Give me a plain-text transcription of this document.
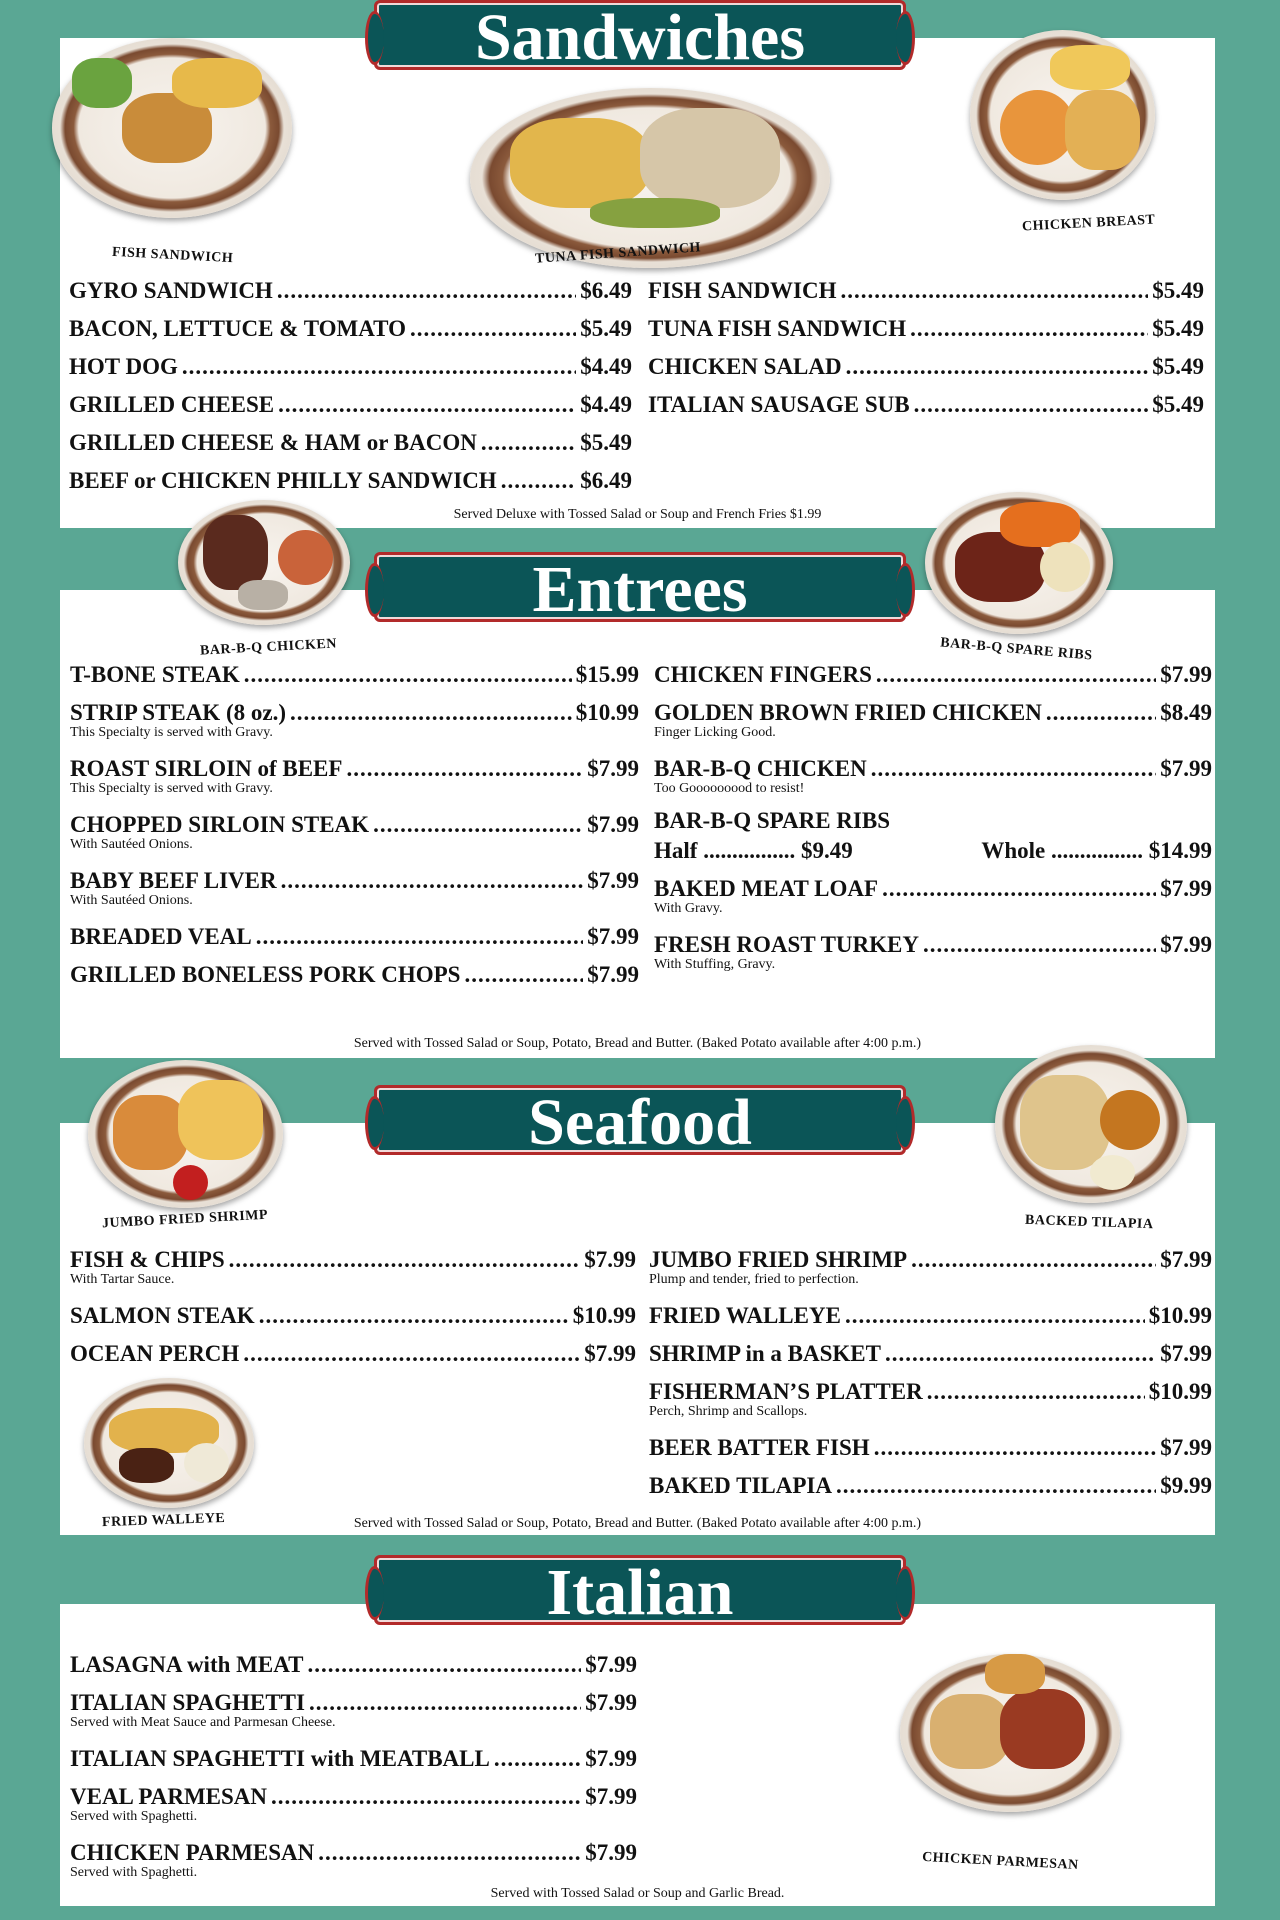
FISH SANDWICH	TUNA FISH SANDWICH
CHICKEN BREAST
GYRO SANDWICH .....	$6.49
BACON, LETTUCE & TOMATO .....	$5.49
HOT DOG .....	$4.49
GRILLED CHEESE .....	$4.49
GRILLED CHEESE & HAM or BACON .....	$5.49
BEEF or CHICKEN PHILLY SANDWICH .....	$6.49
FISH SANDWICH .....	$5.49
TUNA FISH SANDWICH .....	$5.49
CHICKEN SALAD .....	$5.49
ITALIAN SAUSAGE SUB .....	$5.49
Served Deluxe with Tossed Salad or Soup and French Fries $1.99
Sandwiches
T-BONE STEAK .....	$15.99
STRIP STEAK (8 oz.) .....	$10.99
This Specialty is served with Gravy.
ROAST SIRLOIN of BEEF .....	$7.99
This Specialty is served with Gravy.
CHOPPED SIRLOIN STEAK .....	$7.99
With Sautéed Onions.
BABY BEEF LIVER .....	$7.99
With Sautéed Onions.
BREADED VEAL .....	$7.99
GRILLED BONELESS PORK CHOPS .....	$7.99
CHICKEN FINGERS .....	$7.99
GOLDEN BROWN FRIED CHICKEN .....	$8.49
Finger Licking Good.
BAR-B-Q CHICKEN .....	$7.99
Too Gooooooood to resist!
BAR-B-Q SPARE RIBS
Half ................ $9.49	Whole ................ $14.99
BAKED MEAT LOAF .....	$7.99
With Gravy.
FRESH ROAST TURKEY .....	$7.99
With Stuffing, Gravy.
Served with Tossed Salad or Soup, Potato, Bread and Butter. (Baked Potato available after 4:00 p.m.)
BAR-B-Q CHICKEN	BAR-B-Q SPARE RIBS
Entrees
FISH & CHIPS .....	$7.99
With Tartar Sauce.
SALMON STEAK .....	$10.99
OCEAN PERCH .....	$7.99
JUMBO FRIED SHRIMP .....	$7.99
Plump and tender, fried to perfection.
FRIED WALLEYE .....	$10.99
SHRIMP in a BASKET .....	$7.99
FISHERMAN’S PLATTER .....	$10.99
Perch, Shrimp and Scallops.
BEER BATTER FISH .....	$7.99
BAKED TILAPIA .....	$9.99
FRIED WALLEYE	Served with Tossed Salad or Soup, Potato, Bread and Butter. (Baked Potato available after 4:00 p.m.)
JUMBO FRIED SHRIMP	BACKED TILAPIA
Seafood
LASAGNA with MEAT .....	$7.99
ITALIAN SPAGHETTI .....	$7.99
Served with Meat Sauce and Parmesan Cheese.
ITALIAN SPAGHETTI with MEATBALL .....	$7.99
VEAL PARMESAN .....	$7.99
Served with Spaghetti.
CHICKEN PARMESAN .....	$7.99
Served with Spaghetti.	CHICKEN PARMESAN
Served with Tossed Salad or Soup and Garlic Bread.
Italian
